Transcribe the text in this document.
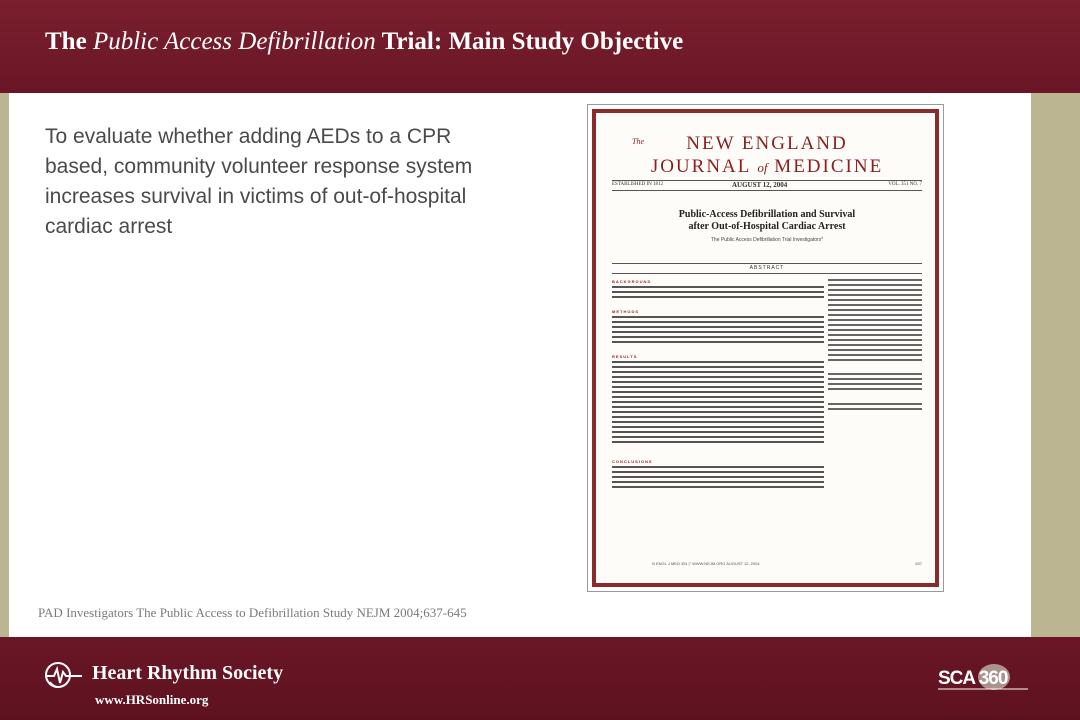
The Public Access Defibrillation Trial: Main Study Objective
To evaluate whether adding AEDs to a CPR based, community volunteer response system increases survival in victims of out-of-hospital cardiac arrest
The	NEW ENGLAND
JOURNAL of MEDICINE
ESTABLISHED IN 1812	AUGUST 12, 2004	VOL. 351 NO. 7
Public-Access Defibrillation and Survival
after Out-of-Hospital Cardiac Arrest
The Public Access Defibrillation Trial Investigators*
ABSTRACT
BACKGROUND
METHODS
RESULTS
CONCLUSIONS
N ENGL J MED 351;7 WWW.NEJM.ORG AUGUST 12, 2004	637
PAD Investigators The Public Access to Defibrillation Study NEJM 2004;637-645
Heart Rhythm Society
www.HRSonline.org
SCA 360
